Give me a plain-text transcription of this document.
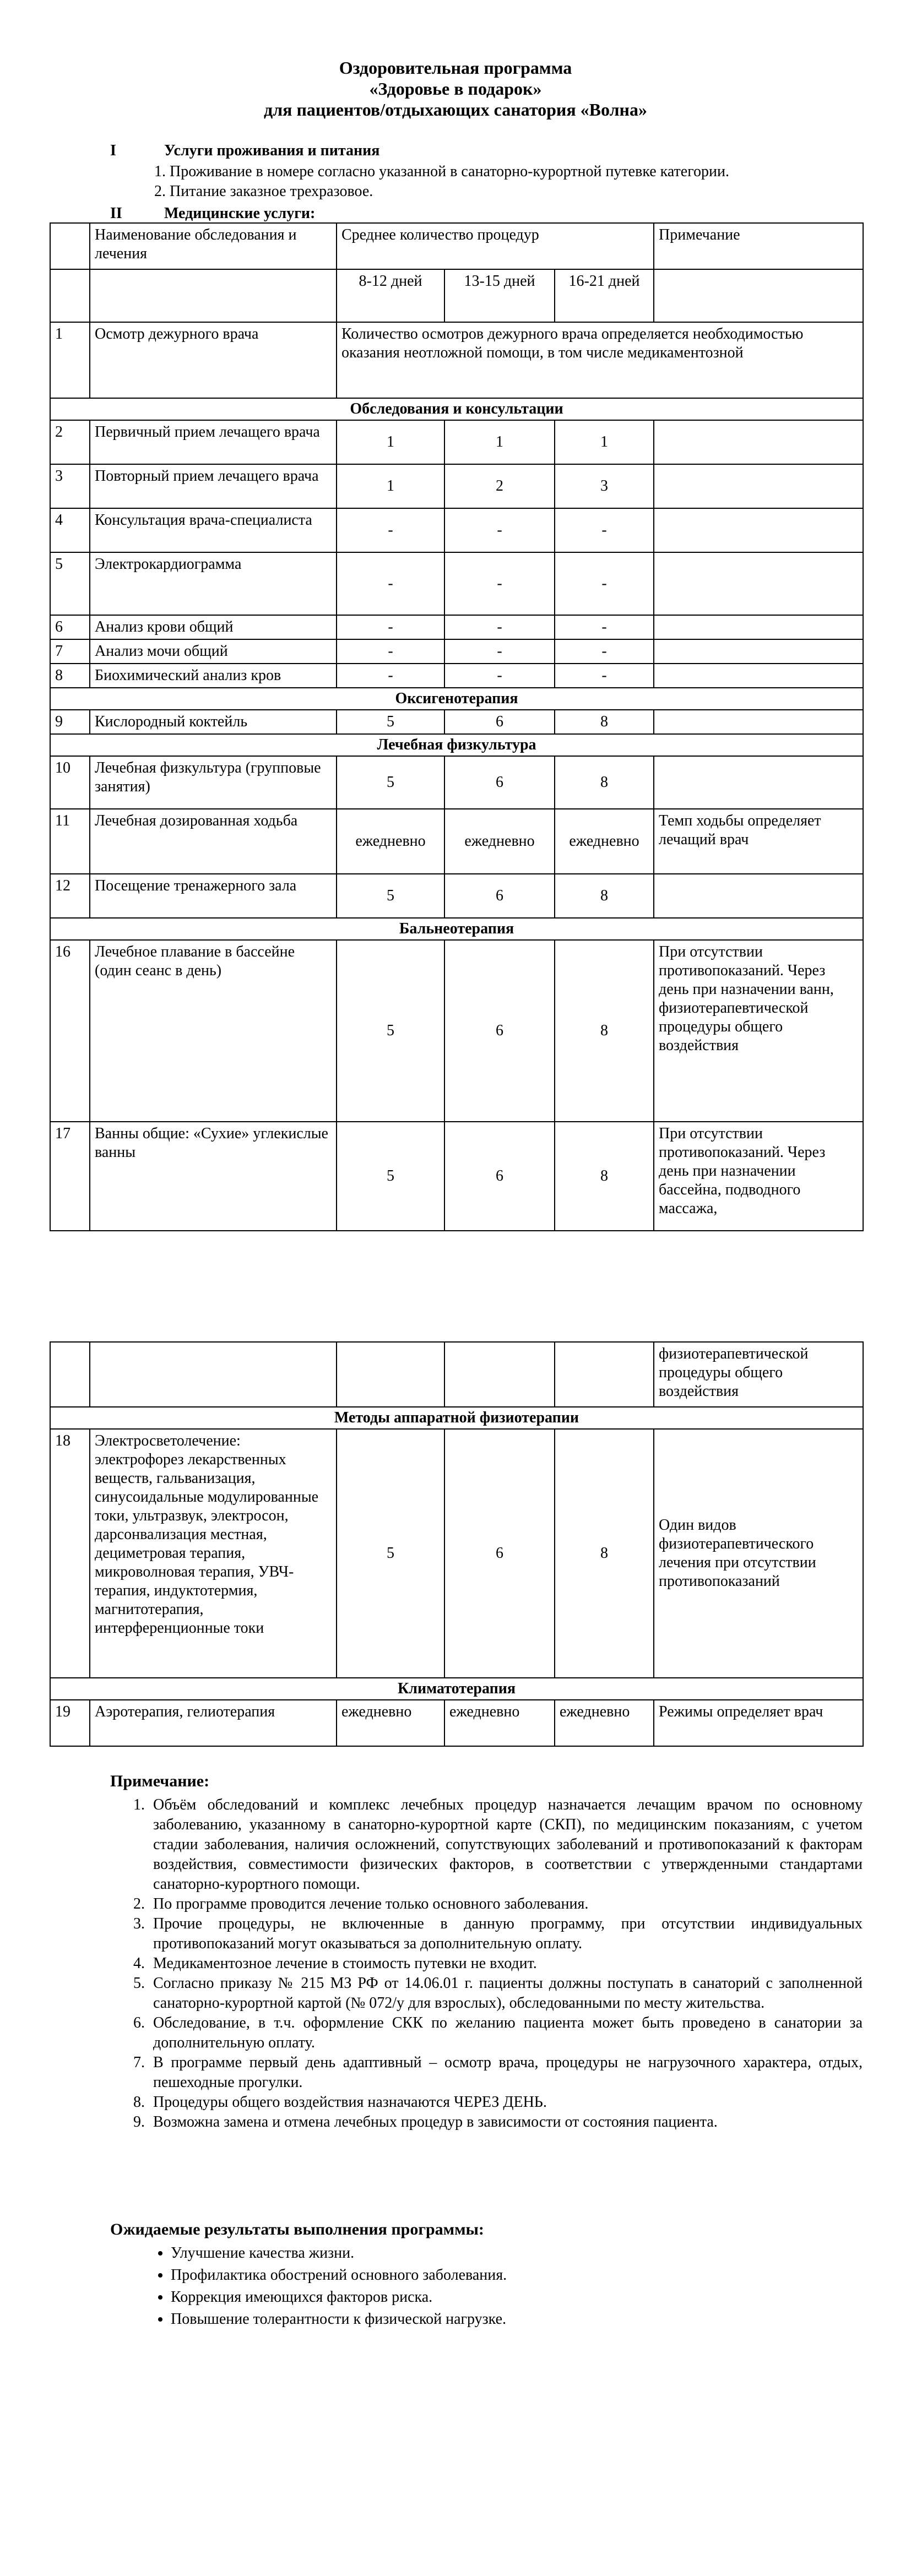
Оздоровительная программа
«Здоровье в подарок»
для пациентов/отдыхающих санатория «Волна»
I	Услуги проживания и питания
1. Проживание в номере согласно указанной в санаторно-курортной путевке категории.
2. Питание заказное трехразовое.
II	Медицинские услуги:
	Наименование обследования и лечения	Среднее количество процедур			Примечание
		8-12 дней	13-15 дней	16-21 дней	
1	Осмотр дежурного врача	Количество осмотров дежурного врача определяется необходимостью оказания неотложной помощи, в том числе медикаментозной			
Обследования и консультации					
2	Первичный прием лечащего врача	1	1	1	
3	Повторный прием лечащего врача	1	2	3	
4	Консультация врача-специалиста	-	-	-	
5	Электрокардиограмма	-	-	-	
6	Анализ крови общий	-	-	-	
7	Анализ мочи общий	-	-	-	
8	Биохимический анализ кров	-	-	-	
Оксигенотерапия					
9	Кислородный коктейль	5	6	8	
Лечебная физкультура					
10	Лечебная физкультура (групповые занятия)	5	6	8	
11	Лечебная дозированная ходьба	ежедневно	ежедневно	ежедневно	Темп ходьбы определяет лечащий врач
12	Посещение тренажерного зала	5	6	8	
Бальнеотерапия					
16	Лечебное плавание в бассейне (один сеанс в день)	5	6	8	При отсутствии противопоказаний. Через день при назначении ванн, физиотерапевтической процедуры общего воздействия
17	Ванны общие: «Сухие» углекислые ванны	5	6	8	При отсутствии противопоказаний. Через день при назначении бассейна, подводного массажа,
					физиотерапевтической процедуры общего воздействия
Методы аппаратной физиотерапии					
18	Электросветолечение: электрофорез лекарственных веществ, гальванизация, синусоидальные модулированные токи, ультразвук, электросон, дарсонвализация местная, дециметровая терапия, микроволновая терапия, УВЧ-терапия, индуктотермия, магнитотерапия, интерференционные токи	5	6	8	Один видов физиотерапевтического лечения при отсутствии противопоказаний
Климатотерапия					
19	Аэротерапия, гелиотерапия	ежедневно	ежедневно	ежедневно	Режимы определяет врач
Примечание:
1. Объём обследований и комплекс лечебных процедур назначается лечащим врачом по основному заболеванию, указанному в санаторно-курортной карте (СКП), по медицинским показаниям, с учетом стадии заболевания, наличия осложнений, сопутствующих заболеваний и противопоказаний к факторам воздействия, совместимости физических факторов, в соответствии с утвержденными стандартами санаторно-курортного помощи.
2. По программе проводится лечение только основного заболевания.
3. Прочие процедуры, не включенные в данную программу, при отсутствии индивидуальных противопоказаний могут оказываться за дополнительную оплату.
4. Медикаментозное лечение в стоимость путевки не входит.
5. Согласно приказу № 215 МЗ РФ от 14.06.01 г. пациенты должны поступать в санаторий с заполненной санаторно-курортной картой (№ 072/у для взрослых), обследованными по месту жительства.
6. Обследование, в т.ч. оформление СКК по желанию пациента может быть проведено в санатории за дополнительную оплату.
7. В программе первый день адаптивный – осмотр врача, процедуры не нагрузочного характера, отдых, пешеходные прогулки.
8. Процедуры общего воздействия назначаются ЧЕРЕЗ ДЕНЬ.
9. Возможна замена и отмена лечебных процедур в зависимости от состояния пациента.
Ожидаемые результаты выполнения программы:
• Улучшение качества жизни.
• Профилактика обострений основного заболевания.
• Коррекция имеющихся факторов риска.
• Повышение толерантности к физической нагрузке.
